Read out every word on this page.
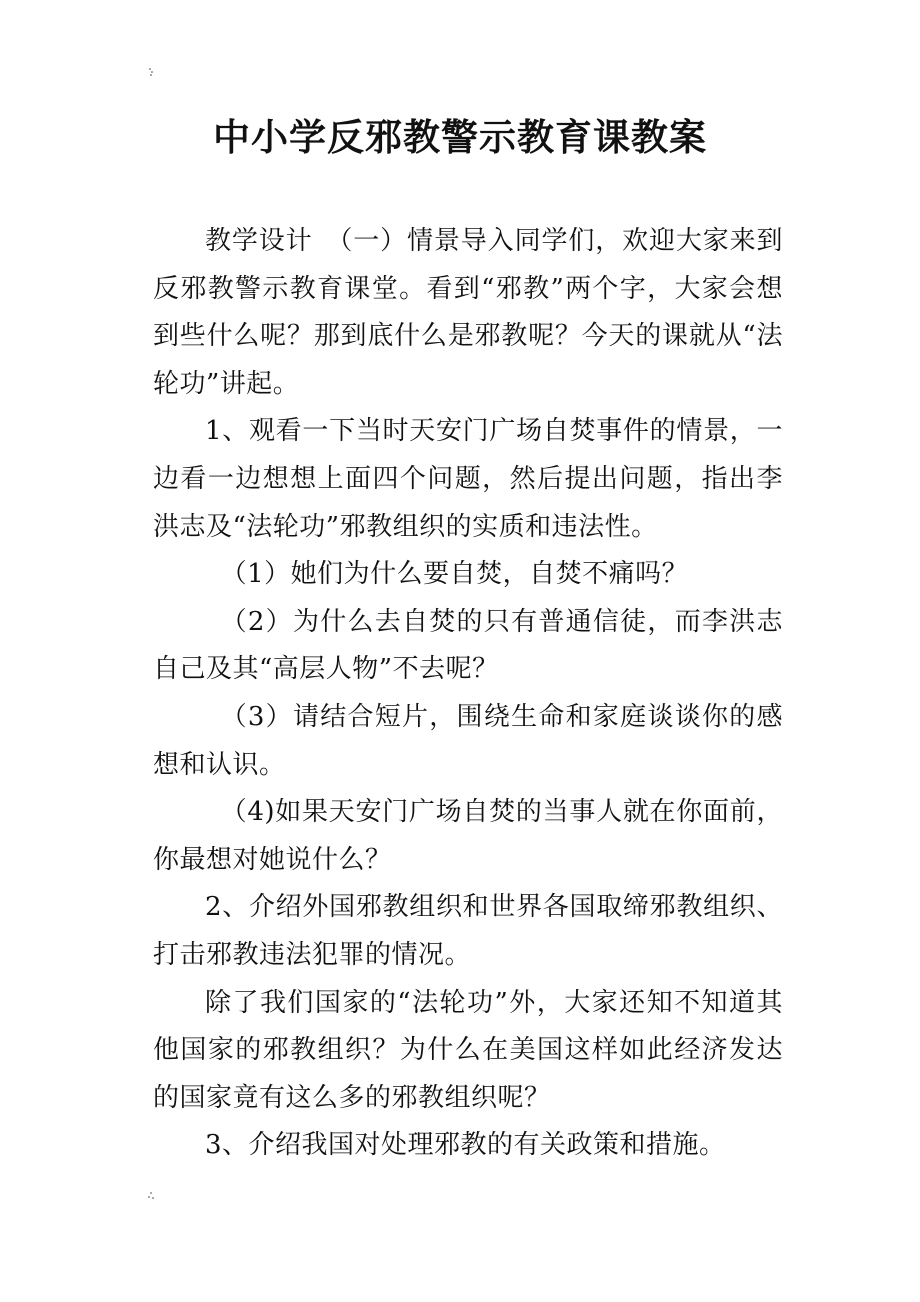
中小学反邪教警示教育课教案

教学设计　（一）情景导入同学们，欢迎大家来到反邪教警示教育课堂。看到“邪教”两个字，大家会想到些什么呢？那到底什么是邪教呢？今天的课就从“法轮功”讲起。

1、观看一下当时天安门广场自焚事件的情景，一边看一边想想上面四个问题，然后提出问题，指出李洪志及“法轮功”邪教组织的实质和违法性。

（1）她们为什么要自焚，自焚不痛吗？

（2）为什么去自焚的只有普通信徒，而李洪志自己及其“高层人物”不去呢？

（3）请结合短片，围绕生命和家庭谈谈你的感想和认识。

（4)如果天安门广场自焚的当事人就在你面前，你最想对她说什么？

2、介绍外国邪教组织和世界各国取缔邪教组织、打击邪教违法犯罪的情况。

除了我们国家的“法轮功”外，大家还知不知道其他国家的邪教组织？为什么在美国这样如此经济发达的国家竟有这么多的邪教组织呢？

3、介绍我国对处理邪教的有关政策和措施。
